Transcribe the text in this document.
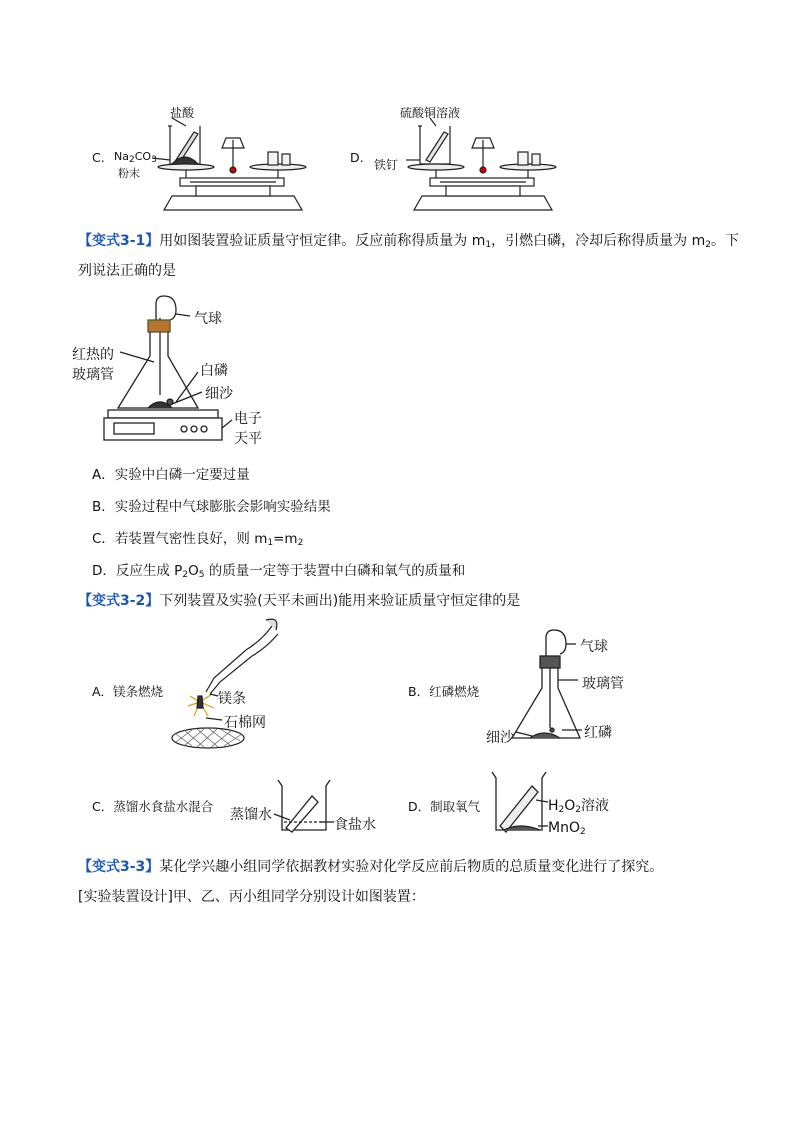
C.
盐酸
$Na_2CO_3$
粉末
D.
硫酸铜溶液
铁钉
【变式3-1】用如图装置验证质量守恒定律。反应前称得质量为 $m_1$，引燃白磷，冷却后称得质量为 $m_2$。下
列说法正确的是
气球
红热的
玻璃管	白磷
细沙
电子
天平
A．实验中白磷一定要过量
B．实验过程中气球膨胀会影响实验结果
C．若装置气密性良好，则 $m_1=m_2$
D．反应生成 $P_2O_5$ 的质量一定等于装置中白磷和氧气的质量和
【变式3-2】下列装置及实验(天平未画出)能用来验证质量守恒定律的是
A．镁条燃烧	镁条
石棉网
B．红磷燃烧
气球
玻璃管
细沙	红磷
C．蒸馏水食盐水混合
蒸馏水
食盐水
D．制取氧气	$H_2O_2$溶液
MnO$_2$
【变式3-3】某化学兴趣小组同学依据教材实验对化学反应前后物质的总质量变化进行了探究。
[实验装置设计]甲、乙、丙小组同学分别设计如图装置：
